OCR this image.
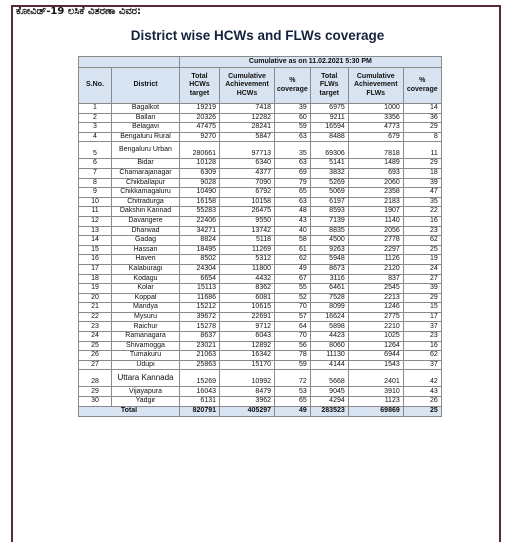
ಕೋವಿಡ್-19 ಲಸಿಕೆ ವಿತರಣಾ ವಿವರ:
District wise HCWs and FLWs coverage
		Cumulative as on 11.02.2021 5:30 PM					
S.No.	District	Total HCWs target	Cumulative Achievement HCWs	% coverage	Total FLWs target	Cumulative Achievement FLWs	% coverage
1	Bagalkot	19219	7418	39	6975	1000	14
2	Ballari	20326	12282	60	9211	3356	36
3	Belagavi	47475	28241	59	16594	4773	29
4	Bengaluru Rural	9270	5847	63	8488	679	8
5	Bengaluru Urban	280661	97713	35	69306	7818	11
6	Bidar	10128	6340	63	5141	1489	29
7	Chamarajanagar	6309	4377	69	3832	693	18
8	Chikballapur	9028	7090	79	5269	2060	39
9	Chikkamagaluru	10490	6792	65	5069	2358	47
10	Chitradurga	16158	10158	63	6197	2183	35
11	Dakshin Kannad	55283	26475	48	8593	1907	22
12	Davangere	22406	9550	43	7139	1140	16
13	Dharwad	34271	13742	40	8835	2056	23
14	Gadag	8824	5118	58	4500	2778	62
15	Hassan	18495	11269	61	9263	2297	25
16	Haveri	8502	5312	62	5948	1126	19
17	Kalaburagi	24304	11800	49	8673	2120	24
18	Kodagu	6654	4432	67	3116	837	27
19	Kolar	15113	8362	55	6461	2545	39
20	Koppal	11686	6081	52	7528	2213	29
21	Mandya	15212	10615	70	8099	1246	15
22	Mysuru	39672	22691	57	16624	2775	17
23	Raichur	15278	9712	64	5898	2210	37
24	Ramanagara	8637	6043	70	4423	1025	23
25	Shivamogga	23021	12892	56	8060	1264	16
26	Tumakuru	21063	16342	78	11130	6944	62
27	Udupi	25863	15170	59	4144	1543	37
28	Uttara Kannada	15269	10992	72	5668	2401	42
29	Vijayapura	16043	8479	53	9045	3910	43
30	Yadgir	6131	3962	65	4294	1123	26
Total		820791	405297	49	283523	69869	25
